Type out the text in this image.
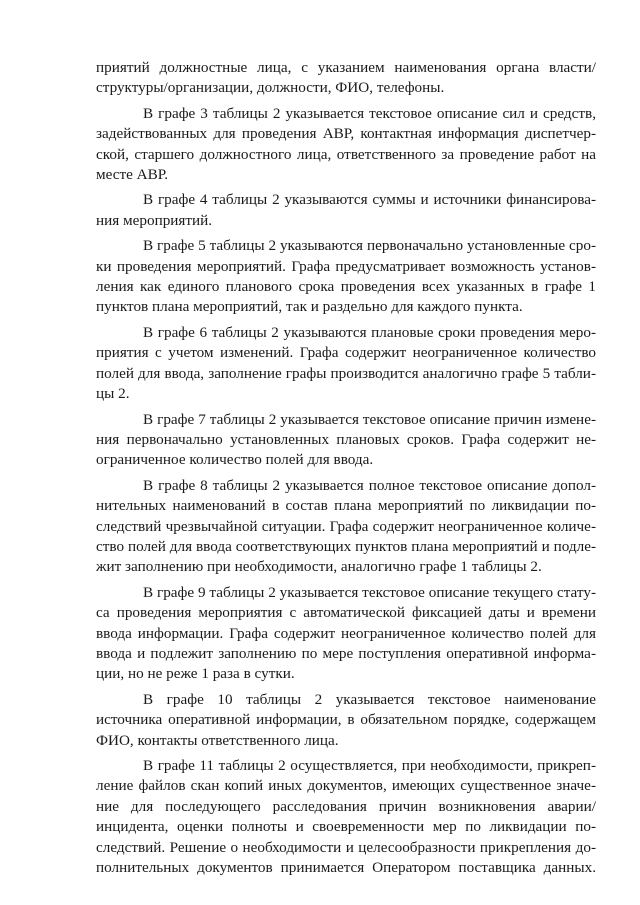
приятий должностные лица, с указанием наименования органа власти/структуры/организации, должности, ФИО, телефоны.

В графе 3 таблицы 2 указывается текстовое описание сил и средств, задействованных для проведения АВР, контактная информация диспетчерской, старшего должностного лица, ответственного за проведение работ на месте АВР.

В графе 4 таблицы 2 указываются суммы и источники финансирования мероприятий.

В графе 5 таблицы 2 указываются первоначально установленные сроки проведения мероприятий. Графа предусматривает возможность установления как единого планового срока проведения всех указанных в графе 1 пунктов плана мероприятий, так и раздельно для каждого пункта.

В графе 6 таблицы 2 указываются плановые сроки проведения мероприятия с учетом изменений. Графа содержит неограниченное количество полей для ввода, заполнение графы производится аналогично графе 5 таблицы 2.

В графе 7 таблицы 2 указывается текстовое описание причин изменения первоначально установленных плановых сроков. Графа содержит неограниченное количество полей для ввода.

В графе 8 таблицы 2 указывается полное текстовое описание дополнительных наименований в состав плана мероприятий по ликвидации последствий чрезвычайной ситуации. Графа содержит неограниченное количество полей для ввода соответствующих пунктов плана мероприятий и подлежит заполнению при необходимости, аналогично графе 1 таблицы 2.

В графе 9 таблицы 2 указывается текстовое описание текущего статуса проведения мероприятия с автоматической фиксацией даты и времени ввода информации. Графа содержит неограниченное количество полей для ввода и подлежит заполнению по мере поступления оперативной информации, но не реже 1 раза в сутки.

В графе 10 таблицы 2 указывается текстовое наименование источника оперативной информации, в обязательном порядке, содержащем ФИО, контакты ответственного лица.

В графе 11 таблицы 2 осуществляется, при необходимости, прикрепление файлов скан копий иных документов, имеющих существенное значение для последующего расследования причин возникновения аварии/инцидента, оценки полноты и своевременности мер по ликвидации последствий. Решение о необходимости и целесообразности прикрепления дополнительных документов принимается Оператором поставщика данных.
